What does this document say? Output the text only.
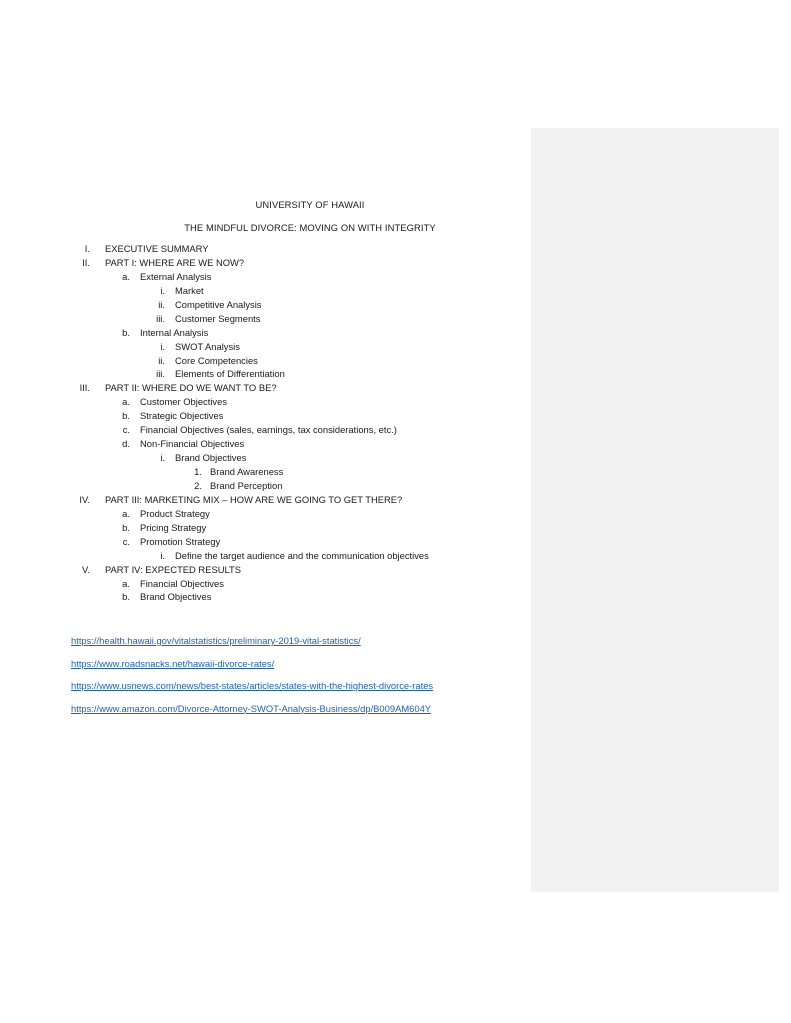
UNIVERSITY OF HAWAII
THE MINDFUL DIVORCE: MOVING ON WITH INTEGRITY
I. EXECUTIVE SUMMARY
II. PART I: WHERE ARE WE NOW?
a. External Analysis
i. Market
ii. Competitive Analysis
iii. Customer Segments
b. Internal Analysis
i. SWOT Analysis
ii. Core Competencies
iii. Elements of Differentiation
III. PART II: WHERE DO WE WANT TO BE?
a. Customer Objectives
b. Strategic Objectives
c. Financial Objectives (sales, earnings, tax considerations, etc.)
d. Non-Financial Objectives
i. Brand Objectives
1. Brand Awareness
2. Brand Perception
IV. PART III: MARKETING MIX – HOW ARE WE GOING TO GET THERE?
a. Product Strategy
b. Pricing Strategy
c. Promotion Strategy
i. Define the target audience and the communication objectives
V. PART IV: EXPECTED RESULTS
a. Financial Objectives
b. Brand Objectives
https://health.hawaii.gov/vitalstatistics/preliminary-2019-vital-statistics/
https://www.roadsnacks.net/hawaii-divorce-rates/
https://www.usnews.com/news/best-states/articles/states-with-the-highest-divorce-rates
https://www.amazon.com/Divorce-Attorney-SWOT-Analysis-Business/dp/B009AM604Y
